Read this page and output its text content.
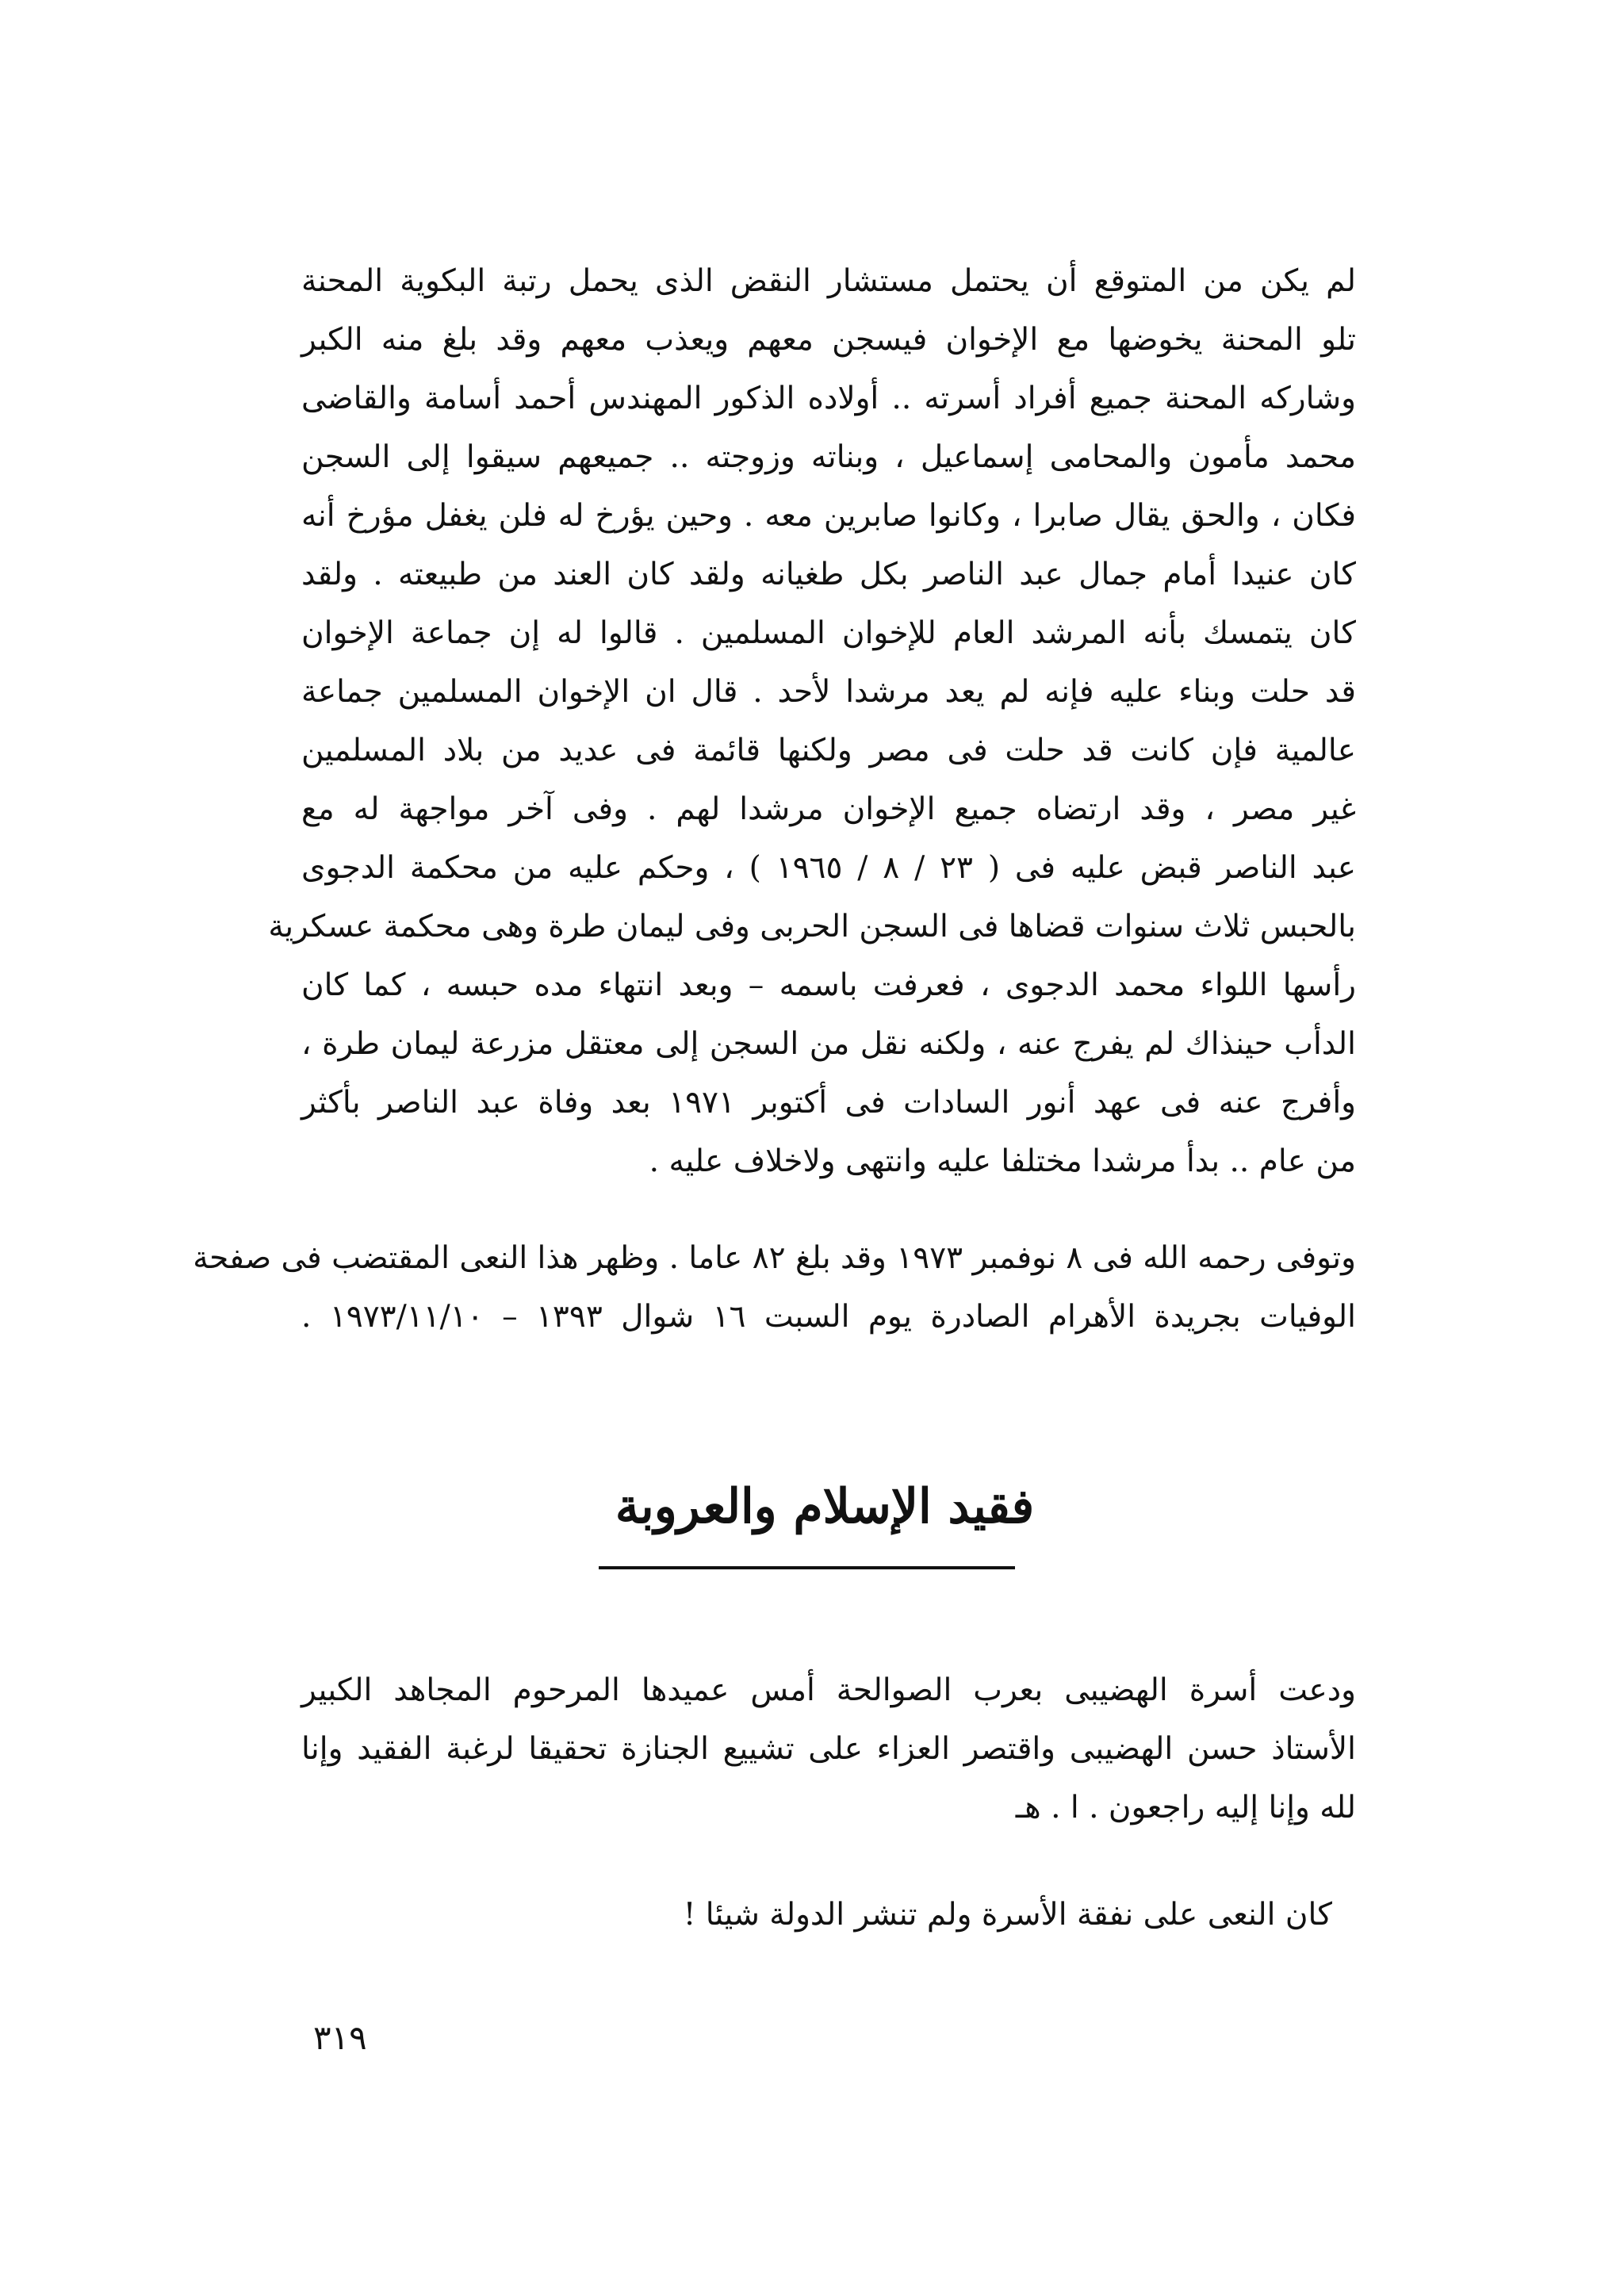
لم يكن من المتوقع أن يحتمل مستشار النقض الذى يحمل رتبة البكوية المحنة
تلو المحنة يخوضها مع الإخوان فيسجن معهم ويعذب معهم وقد بلغ منه الكبر
وشاركه المحنة جميع أفراد أسرته .. أولاده الذكور المهندس أحمد أسامة والقاضى
محمد مأمون والمحامى إسماعيل ، وبناته وزوجته .. جميعهم سيقوا إلى السجن
فكان ، والحق يقال صابرا ، وكانوا صابرين معه . وحين يؤرخ له فلن يغفل مؤرخ أنه
كان عنيدا أمام جمال عبد الناصر بكل طغيانه ولقد كان العند من طبيعته . ولقد
كان يتمسك بأنه المرشد العام للإخوان المسلمين . قالوا له إن جماعة الإخوان
قد حلت وبناء عليه فإنه لم يعد مرشدا لأحد . قال ان الإخوان المسلمين جماعة
عالمية فإن كانت قد حلت فى مصر ولكنها قائمة فى عديد من بلاد المسلمين
غير مصر ، وقد ارتضاه جميع الإخوان مرشدا لهم . وفى آخر مواجهة له مع
عبد الناصر قبض عليه فى ( ٢٣ / ٨ / ١٩٦٥ ) ، وحكم عليه من محكمة الدجوى
بالحبس ثلاث سنوات قضاها فى السجن الحربى وفى ليمان طرة وهى محكمة عسكرية
رأسها اللواء محمد الدجوى ، فعرفت باسمه – وبعد انتهاء مده حبسه ، كما كان
الدأب حينذاك لم يفرج عنه ، ولكنه نقل من السجن إلى معتقل مزرعة ليمان طرة ،
وأفرج عنه فى عهد أنور السادات فى أكتوبر ١٩٧١ بعد وفاة عبد الناصر بأكثر
من عام .. بدأ مرشدا مختلفا عليه وانتهى ولاخلاف عليه .
وتوفى رحمه الله فى ٨ نوفمبر ١٩٧٣ وقد بلغ ٨٢ عاما . وظهر هذا النعى المقتضب فى صفحة
الوفيات بجريدة الأهرام الصادرة يوم السبت ١٦ شوال ١٣٩٣ – ١٩٧٣/١١/١٠ .
فقيد الإسلام والعروبة
ودعت أسرة الهضيبى بعرب الصوالحة أمس عميدها المرحوم المجاهد الكبير
الأستاذ حسن الهضيبى واقتصر العزاء على تشييع الجنازة تحقيقا لرغبة الفقيد وإنا
لله وإنا إليه راجعون . ا . هـ
كان النعى على نفقة الأسرة ولم تنشر الدولة شيئا !
٣١٩
